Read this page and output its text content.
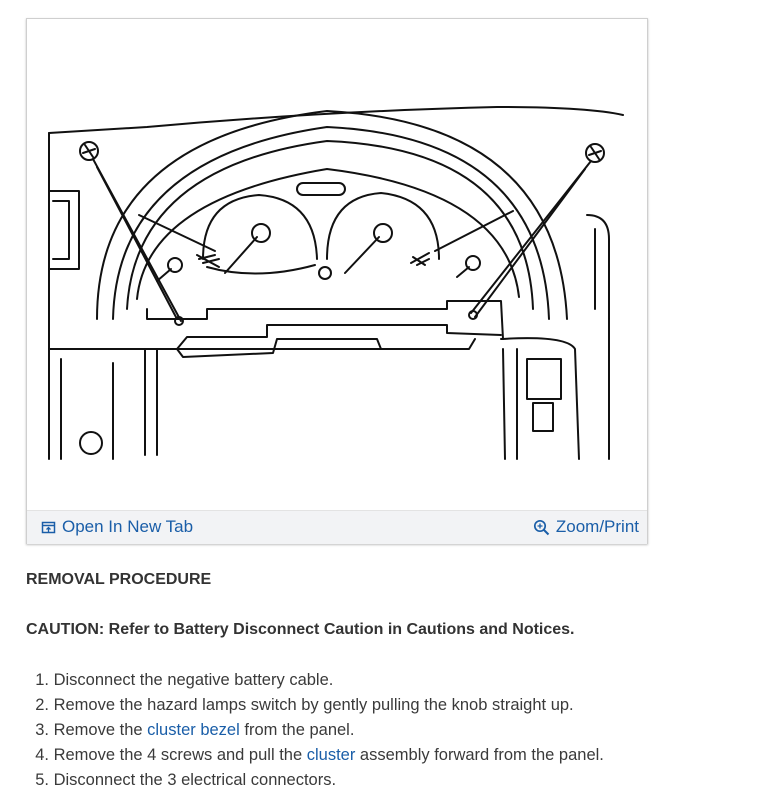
Open In New Tab	Zoom/Print
REMOVAL PROCEDURE
CAUTION: Refer to Battery Disconnect Caution in Cautions and Notices.
1. Disconnect the negative battery cable.
2. Remove the hazard lamps switch by gently pulling the knob straight up.
3. Remove the cluster bezel from the panel.
4. Remove the 4 screws and pull the cluster assembly forward from the panel.
5. Disconnect the 3 electrical connectors.
